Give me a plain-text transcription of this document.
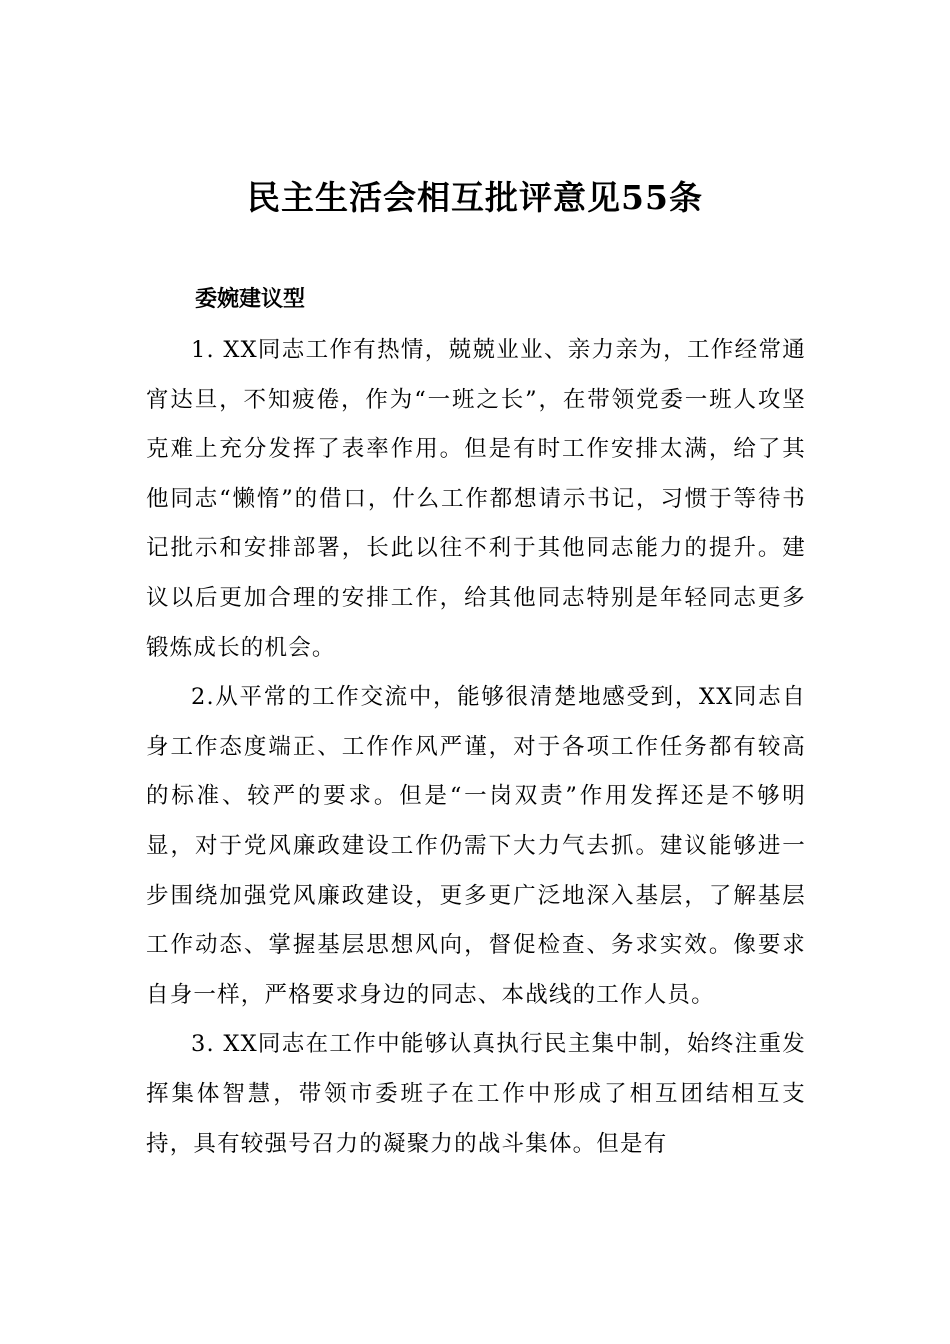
民主生活会相互批评意见55条
委婉建议型

1. XX同志工作有热情，兢兢业业、亲力亲为，工作经常通宵达旦，不知疲倦，作为“一班之长”，在带领党委一班人攻坚克难上充分发挥了表率作用。但是有时工作安排太满，给了其他同志“懒惰”的借口，什么工作都想请示书记，习惯于等待书记批示和安排部署，长此以往不利于其他同志能力的提升。建议以后更加合理的安排工作，给其他同志特别是年轻同志更多锻炼成长的机会。

2.从平常的工作交流中，能够很清楚地感受到，XX同志自身工作态度端正、工作作风严谨，对于各项工作任务都有较高的标准、较严的要求。但是“一岗双责”作用发挥还是不够明显，对于党风廉政建设工作仍需下大力气去抓。建议能够进一步围绕加强党风廉政建设，更多更广泛地深入基层，了解基层工作动态、掌握基层思想风向，督促检查、务求实效。像要求自身一样，严格要求身边的同志、本战线的工作人员。

3. XX同志在工作中能够认真执行民主集中制，始终注重发挥集体智慧，带领市委班子在工作中形成了相互团结相互支持，具有较强号召力的凝聚力的战斗集体。但是有
